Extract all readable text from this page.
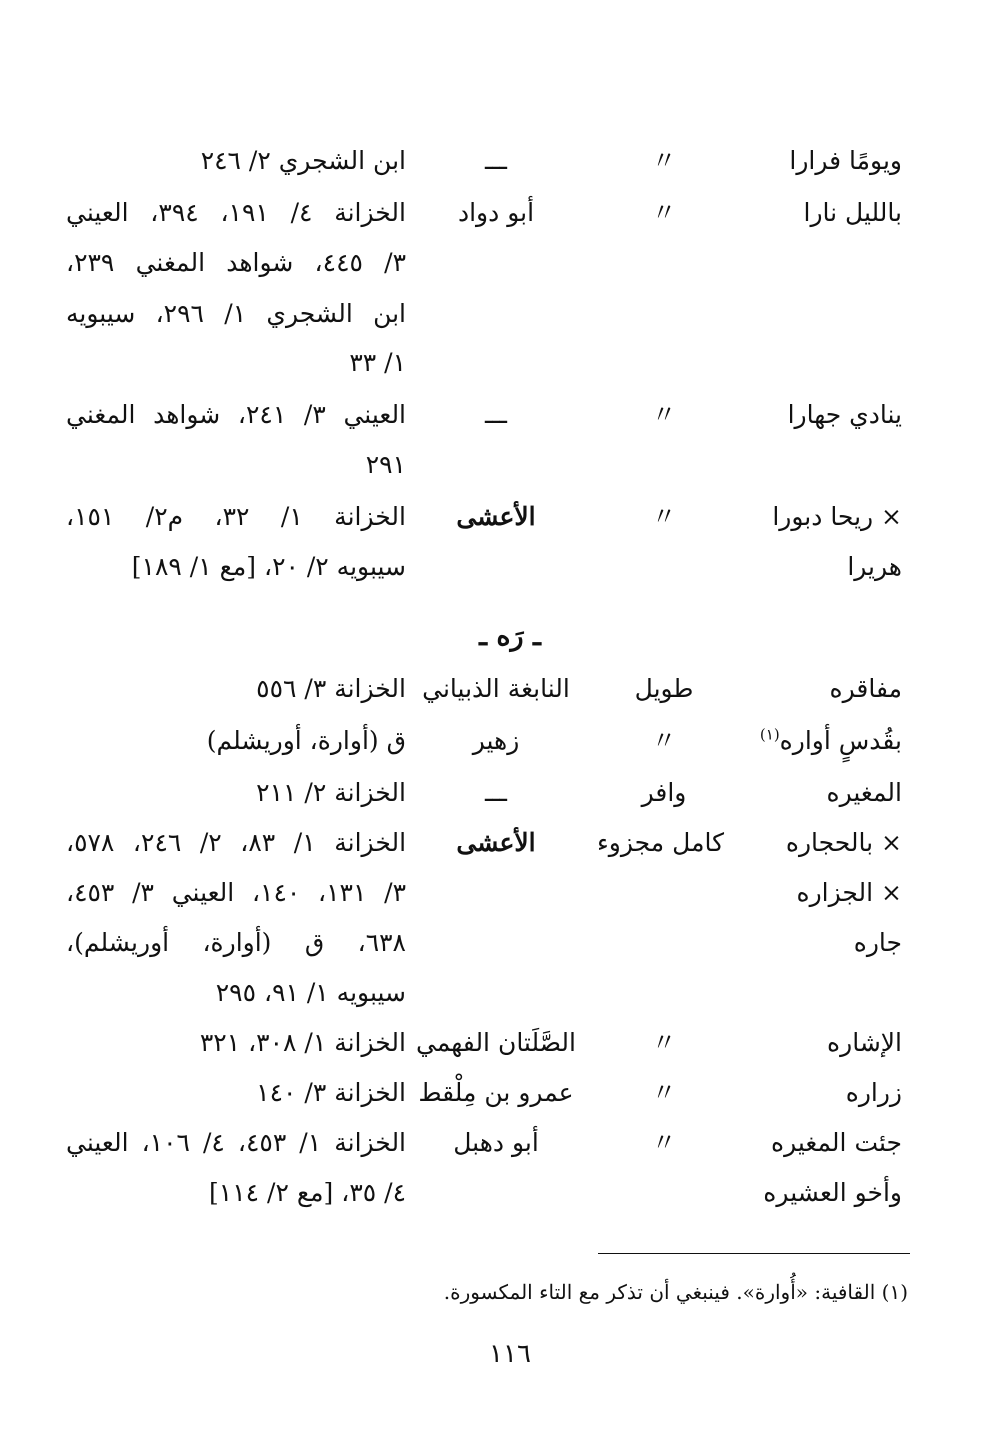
ويومًا فرارا
〃
ـــ
ابن الشجري ٢/ ٢٤٦
بالليل نارا
〃
أبو دواد
الخزانة ٤/ ١٩١، ٣٩٤، العيني
٣/ ٤٤٥، شواهد المغني ٢٣٩،
ابن الشجري ١/ ٢٩٦، سيبويه
١/ ٣٣
ينادي جهارا
〃
ـــ
العيني ٣/ ٢٤١، شواهد المغني
٢٩١
× ريحا دبورا
〃
الأعشى
الخزانة ١/ ٣٢، م٢/ ١٥١،
هريرا
سيبويه ٢/ ٢٠، [مع ١/ ١٨٩]
ـ رَه ـ
مفاقره
طويل
النابغة الذبياني
الخزانة ٣/ ٥٥٦
بقُدسٍ أواره$^{(١)}$
〃
زهير
ق (أوارة، أوريشلم)
المغيره
وافر
ـــ
الخزانة ٢/ ٢١١
× بالحجاره
كامل مجزوء
الأعشى
الخزانة ١/ ٨٣، ٢/ ٢٤٦، ٥٧٨،
× الجزاره
٣/ ١٣١، ١٤٠، العيني ٣/ ٤٥٣،
جاره
٦٣٨، ق (أوارة، أوريشلم)،
سيبويه ١/ ٩١، ٢٩٥
الإشاره
〃
الصَّلَتان الفهمي
الخزانة ١/ ٣٠٨، ٣٢١
زراره
〃
عمرو بن مِلْقط
الخزانة ٣/ ١٤٠
جئت المغيره
〃
أبو دهبل
الخزانة ١/ ٤٥٣، ٤/ ١٠٦، العيني
وأخو العشيره
٤/ ٣٥، [مع ٢/ ١١٤]
(١) القافية: «أُوارة». فينبغي أن تذكر مع التاء المكسورة.
١١٦
